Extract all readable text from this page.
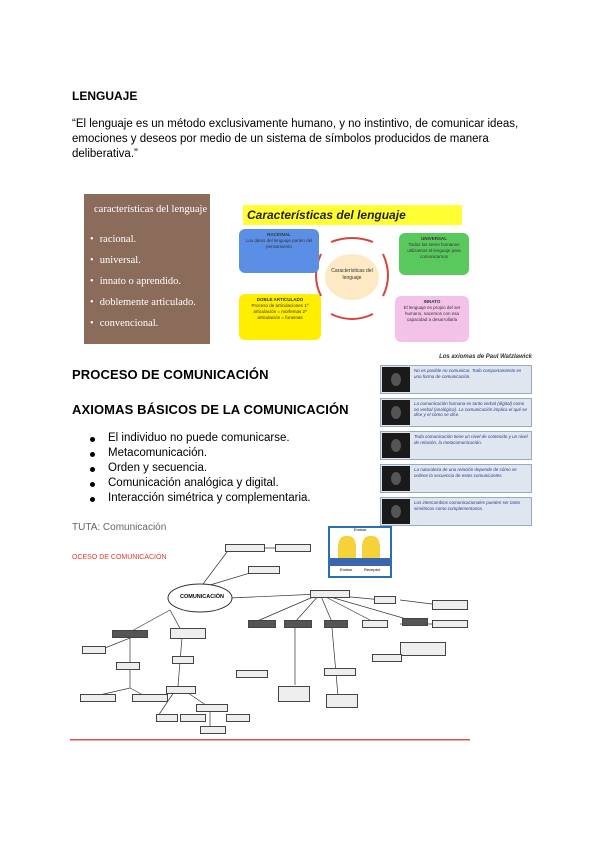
LENGUAJE
“El lenguaje es un método exclusivamente humano, y no instintivo, de comunicar ideas, emociones y deseos por medio de un sistema de símbolos producidos de manera deliberativa.”
características del lenguaje
• racional.
• universal.
• innato o aprendido.
• doblemente articulado.
• convencional.
Características del lenguaje
RACIONAL
Los datos del lenguaje parten del pensamiento
UNIVERSAL
Todos los seres humanos utilizamos el lenguaje para comunicarnos
DOBLE ARTICULADO
Proceso de articulaciones 1ª articulación = morfemas 2ª articulación = fonemas
INNATO
El lenguaje es propio del ser humano, nacemos con esa capacidad a desarrollarla
Características del lenguaje
Los axiomas de Paul Watzlawick
No es posible no comunicar. Todo comportamiento es una forma de comunicación.
La comunicación humana es tanto verbal (digital) como no verbal (analógica). La comunicación implica el qué se dice y el cómo se dice.
Toda comunicación tiene un nivel de contenido y un nivel de relación, la metacomunicación.
La naturaleza de una relación depende de cómo se ordene la secuencia de estos comunicantes.
Los intercambios comunicacionales pueden ser tanto simétricos como complementarios.
PROCESO DE COMUNICACIÓN
AXIOMAS BÁSICOS DE LA COMUNICACIÓN
El individuo no puede comunicarse.
Metacomunicación.
Orden y secuencia.
Comunicación analógica y digital.
Interacción simétrica y complementaria.
TUTA: Comunicación
OCESO DE COMUNICACIÓN
COMUNICACIÓN
Emisor
Emisor	Receptor
